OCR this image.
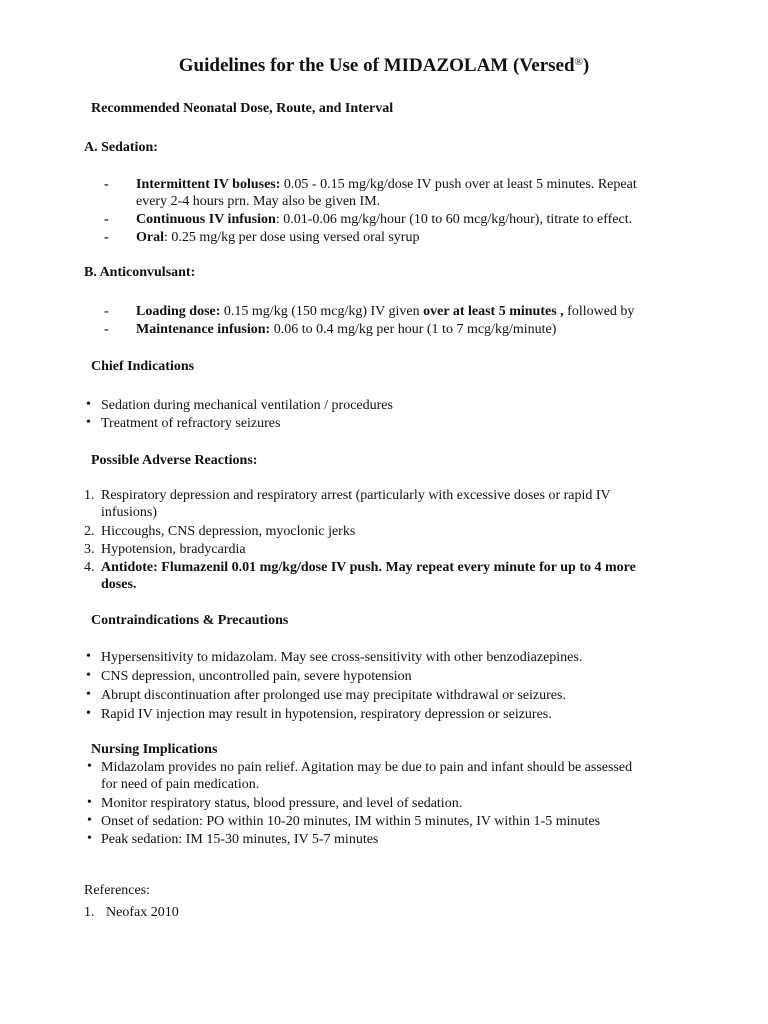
Guidelines for the Use of MIDAZOLAM (Versed®)
Recommended Neonatal Dose, Route, and Interval
A. Sedation:
- Intermittent IV boluses: 0.05 - 0.15 mg/kg/dose IV push over at least 5 minutes. Repeat
every 2-4 hours prn. May also be given IM.
- Continuous IV infusion: 0.01-0.06 mg/kg/hour (10 to 60 mcg/kg/hour), titrate to effect.
- Oral: 0.25 mg/kg per dose using versed oral syrup
B. Anticonvulsant:
- Loading dose: 0.15 mg/kg (150 mcg/kg) IV given over at least 5 minutes , followed by
- Maintenance infusion: 0.06 to 0.4 mg/kg per hour (1 to 7 mcg/kg/minute)
Chief Indications
• Sedation during mechanical ventilation / procedures
• Treatment of refractory seizures
Possible Adverse Reactions:
1. Respiratory depression and respiratory arrest (particularly with excessive doses or rapid IV
infusions)
2. Hiccoughs, CNS depression, myoclonic jerks
3. Hypotension, bradycardia
4. Antidote: Flumazenil 0.01 mg/kg/dose IV push. May repeat every minute for up to 4 more
doses.
Contraindications & Precautions
• Hypersensitivity to midazolam. May see cross-sensitivity with other benzodiazepines.
• CNS depression, uncontrolled pain, severe hypotension
• Abrupt discontinuation after prolonged use may precipitate withdrawal or seizures.
• Rapid IV injection may result in hypotension, respiratory depression or seizures.
Nursing Implications
• Midazolam provides no pain relief. Agitation may be due to pain and infant should be assessed
for need of pain medication.
• Monitor respiratory status, blood pressure, and level of sedation.
• Onset of sedation: PO within 10-20 minutes, IM within 5 minutes, IV within 1-5 minutes
• Peak sedation: IM 15-30 minutes, IV 5-7 minutes
References:
1. Neofax 2010
